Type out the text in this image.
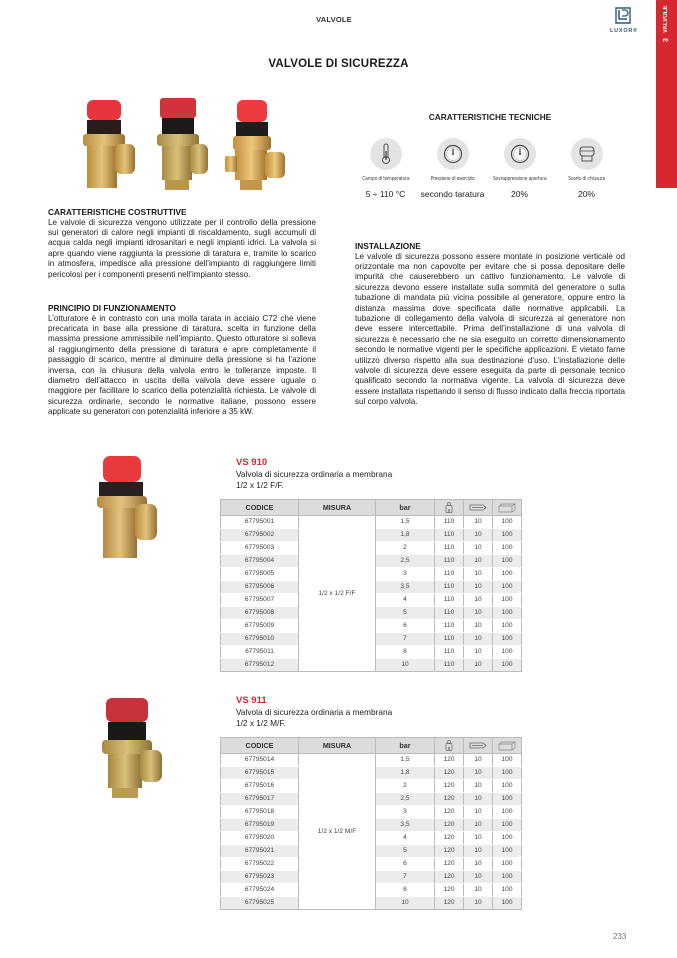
VALVOLE
LUXOR®
3
VALVOLE
VALVOLE DI SICUREZZA
CARATTERISTICHE TECNICHE
Campo di temperatura
5 ÷ 110 °C
Pressione di esercizio
secondo taratura
Sovrappressione apertura
20%
Scarto di chiusura
20%
CARATTERISTICHE COSTRUTTIVE

Le valvole di sicurezza vengono utilizzate per il controllo della pressione sui generatori di calore negli impianti di riscaldamento, sugli accumuli di acqua calda negli impianti idrosanitari e negli impianti idrici. La valvola si apre quando viene raggiunta la pressione di taratura e, tramite lo scarico in atmosfera, impedisce alla pressione dell’impianto di raggiungere limiti pericolosi per i componenti presenti nell’impianto stesso.

PRINCIPIO DI FUNZIONAMENTO

L’otturatore è in contrasto con una molla tarata in acciaio C72 che viene precaricata in base alla pressione di taratura, scelta in funzione della massima pressione ammissibile nell’impianto. Questo otturatore si solleva al raggiungimento della pressione di taratura e apre completamente il passaggio di scarico, mentre al diminuire della pressione si ha l’azione inversa, con la chiusura della valvola entro le tolleranze imposte. Il diametro dell’attacco in uscita della valvola deve essere uguale o maggiore per facilitare lo scarico della potenzialità richiesta. Le valvole di sicurezza ordinarie, secondo le normative italiane, possono essere applicate su generatori con potenzialità inferiore a 35 kW.

INSTALLAZIONE

Le valvole di sicurezza possono essere montate in posizione verticale od orizzontale ma non capovolte per evitare che si possa depositare delle impurità che causerebbero un cattivo funzionamento. Le valvole di sicurezza devono essere installate sulla sommità del generatore o sulla tubazione di mandata più vicina possibile al generatore, oppure entro la distanza massima dove specificata dalle normative applicabili. La tubazione di collegamento della valvola di sicurezza al generatore non deve essere intercettabile. Prima dell’installazione di una valvola di sicurezza è necessario che ne sia eseguito un corretto dimensionamento secondo le normative vigenti per le specifiche applicazioni. È vietato farne utilizzo diverso rispetto alla sua destinazione d’uso. L’installazione delle valvole di sicurezza deve essere eseguita da parte di personale tecnico qualificato secondo la normativa vigente. La valvola di sicurezza deve essere installata rispettando il senso di flusso indicato dalla freccia riportata sul corpo valvola.

VS 910
Valvola di sicurezza ordinaria a membrana 1/2 x 1/2 F/F.
CODICE	MISURA	bar	g

67795001	1/2 x 1/2 F/F	1,5	110	10	100
67795002		1,8	110	10	100
67795003		2	110	10	100
67795004		2,5	110	10	100
67795005		3	110	10	100
67795006		3,5	110	10	100
67795007		4	110	10	100
67795008		5	110	10	100
67795009		6	110	10	100
67795010		7	110	10	100
67795011		8	110	10	100
67795012		10	110	10	100
VS 911
Valvola di sicurezza ordinaria a membrana 1/2 x 1/2 M/F.
CODICE	MISURA	bar	g

67795014	1/2 x 1/2 M/F	1,5	120	10	100
67795015		1,8	120	10	100
67795016		2	120	10	100
67795017		2,5	120	10	100
67795018		3	120	10	100
67795019		3,5	120	10	100
67795020		4	120	10	100
67795021		5	120	10	100
67795022		6	120	10	100
67795023		7	120	10	100
67795024		8	120	10	100
67795025		10	120	10	100
233
